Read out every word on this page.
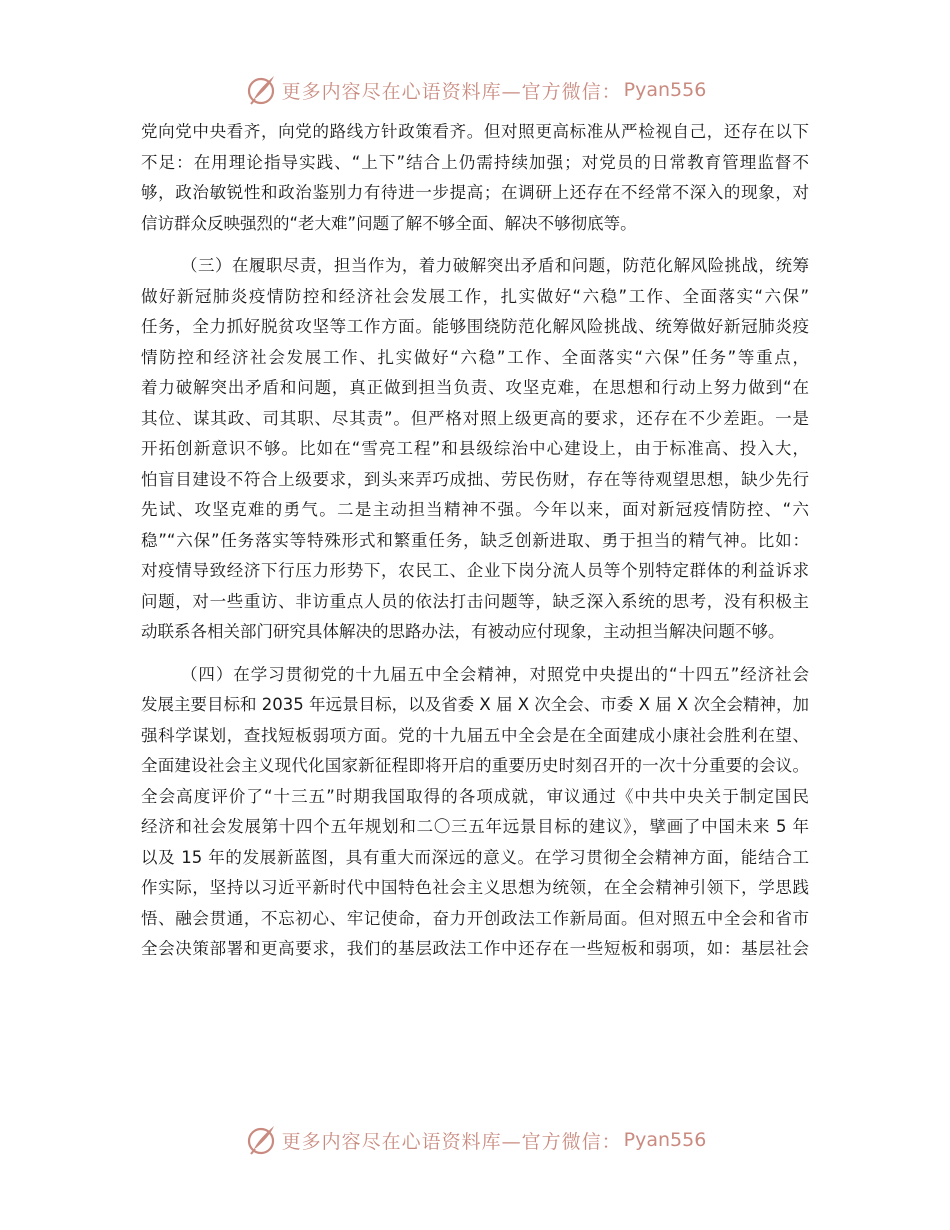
更多内容尽在心语资料库—官方微信： Pyan556
党向党中央看齐，向党的路线方针政策看齐。但对照更高标准从严检视自己，还存在以下
不足：在用理论指导实践、“上下”结合上仍需持续加强；对党员的日常教育管理监督不
够，政治敏锐性和政治鉴别力有待进一步提高；在调研上还存在不经常不深入的现象，对
信访群众反映强烈的“老大难”问题了解不够全面、解决不够彻底等。
（三）在履职尽责，担当作为，着力破解突出矛盾和问题，防范化解风险挑战，统筹
做好新冠肺炎疫情防控和经济社会发展工作，扎实做好“六稳”工作、全面落实“六保”
任务，全力抓好脱贫攻坚等工作方面。能够围绕防范化解风险挑战、统筹做好新冠肺炎疫
情防控和经济社会发展工作、扎实做好“六稳”工作、全面落实“六保”任务”等重点，
着力破解突出矛盾和问题，真正做到担当负责、攻坚克难，在思想和行动上努力做到“在
其位、谋其政、司其职、尽其责”。但严格对照上级更高的要求，还存在不少差距。一是
开拓创新意识不够。比如在“雪亮工程”和县级综治中心建设上，由于标准高、投入大，
怕盲目建设不符合上级要求，到头来弄巧成拙、劳民伤财，存在等待观望思想，缺少先行
先试、攻坚克难的勇气。二是主动担当精神不强。今年以来，面对新冠疫情防控、“六
稳”“六保”任务落实等特殊形式和繁重任务，缺乏创新进取、勇于担当的精气神。比如：
对疫情导致经济下行压力形势下，农民工、企业下岗分流人员等个别特定群体的利益诉求
问题，对一些重访、非访重点人员的依法打击问题等，缺乏深入系统的思考，没有积极主
动联系各相关部门研究具体解决的思路办法，有被动应付现象，主动担当解决问题不够。
（四）在学习贯彻党的十九届五中全会精神，对照党中央提出的“十四五”经济社会
发展主要目标和 2035 年远景目标，以及省委 X 届 X 次全会、市委 X 届 X 次全会精神，加
强科学谋划，查找短板弱项方面。党的十九届五中全会是在全面建成小康社会胜利在望、
全面建设社会主义现代化国家新征程即将开启的重要历史时刻召开的一次十分重要的会议。
全会高度评价了“十三五”时期我国取得的各项成就，审议通过《中共中央关于制定国民
经济和社会发展第十四个五年规划和二〇三五年远景目标的建议》，擘画了中国未来 5 年
以及 15 年的发展新蓝图，具有重大而深远的意义。在学习贯彻全会精神方面，能结合工
作实际，坚持以习近平新时代中国特色社会主义思想为统领，在全会精神引领下，学思践
悟、融会贯通，不忘初心、牢记使命，奋力开创政法工作新局面。但对照五中全会和省市
全会决策部署和更高要求，我们的基层政法工作中还存在一些短板和弱项，如：基层社会
更多内容尽在心语资料库—官方微信： Pyan556
